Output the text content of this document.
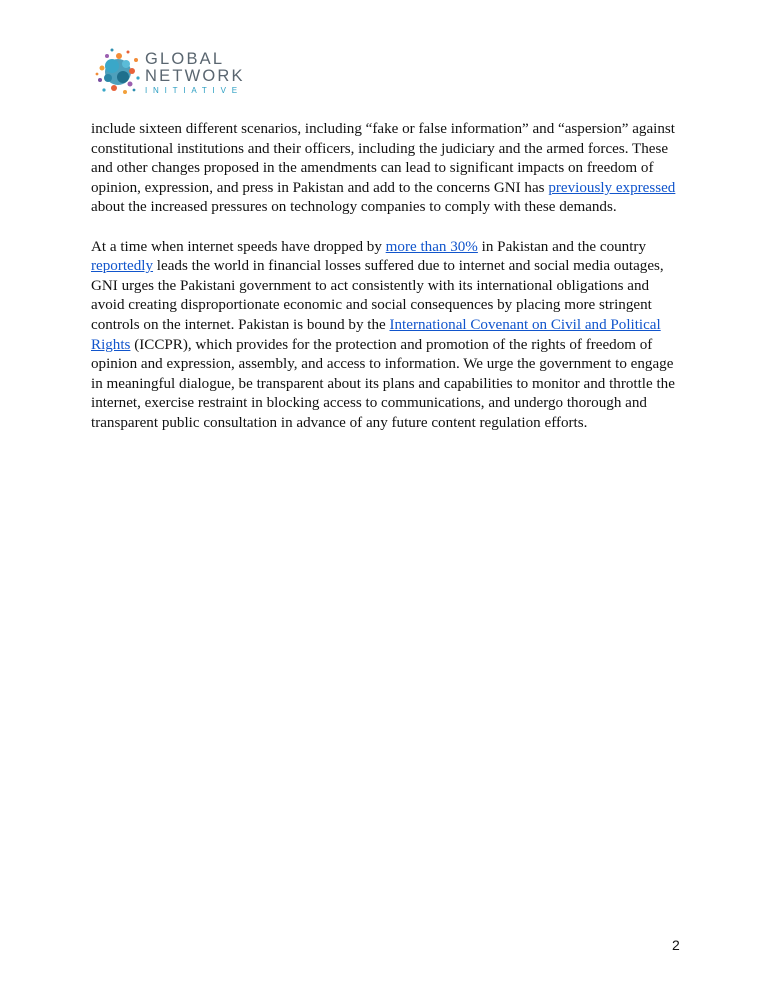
GLOBAL
NETWORK
INITIATIVE

include sixteen different scenarios, including “fake or false information” and “aspersion” against constitutional institutions and their officers, including the judiciary and the armed forces. These and other changes proposed in the amendments can lead to significant impacts on freedom of opinion, expression, and press in Pakistan and add to the concerns GNI has previously expressed about the increased pressures on technology companies to comply with these demands.

At a time when internet speeds have dropped by more than 30% in Pakistan and the country reportedly leads the world in financial losses suffered due to internet and social media outages, GNI urges the Pakistani government to act consistently with its international obligations and avoid creating disproportionate economic and social consequences by placing more stringent controls on the internet. Pakistan is bound by the International Covenant on Civil and Political Rights (ICCPR), which provides for the protection and promotion of the rights of freedom of opinion and expression, assembly, and access to information. We urge the government to engage in meaningful dialogue, be transparent about its plans and capabilities to monitor and throttle the internet, exercise restraint in blocking access to communications, and undergo thorough and transparent public consultation in advance of any future content regulation efforts.

2
